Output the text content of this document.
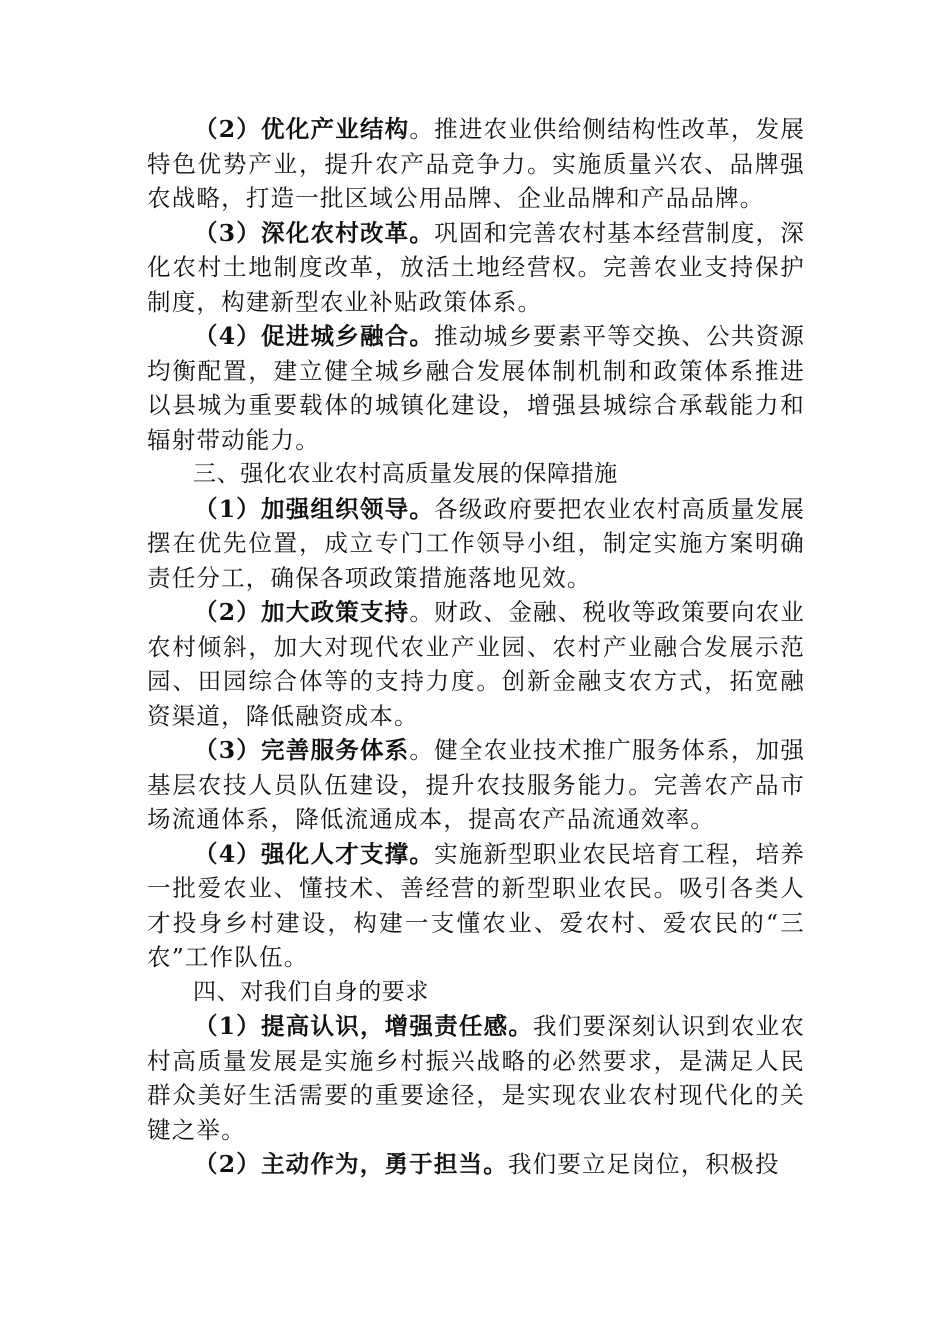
（2）优化产业结构。推进农业供给侧结构性改革，发展特色优势产业，提升农产品竞争力。实施质量兴农、品牌强农战略，打造一批区域公用品牌、企业品牌和产品品牌。

（3）深化农村改革。巩固和完善农村基本经营制度，深化农村土地制度改革，放活土地经营权。完善农业支持保护制度，构建新型农业补贴政策体系。

（4）促进城乡融合。推动城乡要素平等交换、公共资源均衡配置，建立健全城乡融合发展体制机制和政策体系推进以县城为重要载体的城镇化建设，增强县城综合承载能力和辐射带动能力。

三、强化农业农村高质量发展的保障措施

（1）加强组织领导。各级政府要把农业农村高质量发展摆在优先位置，成立专门工作领导小组，制定实施方案明确责任分工，确保各项政策措施落地见效。

（2）加大政策支持。财政、金融、税收等政策要向农业农村倾斜，加大对现代农业产业园、农村产业融合发展示范园、田园综合体等的支持力度。创新金融支农方式，拓宽融资渠道，降低融资成本。

（3）完善服务体系。健全农业技术推广服务体系，加强基层农技人员队伍建设，提升农技服务能力。完善农产品市场流通体系，降低流通成本，提高农产品流通效率。

（4）强化人才支撑。实施新型职业农民培育工程，培养一批爱农业、懂技术、善经营的新型职业农民。吸引各类人才投身乡村建设，构建一支懂农业、爱农村、爱农民的“三农”工作队伍。

四、对我们自身的要求

（1）提高认识，增强责任感。我们要深刻认识到农业农村高质量发展是实施乡村振兴战略的必然要求，是满足人民群众美好生活需要的重要途径，是实现农业农村现代化的关键之举。

（2）主动作为，勇于担当。我们要立足岗位，积极投
